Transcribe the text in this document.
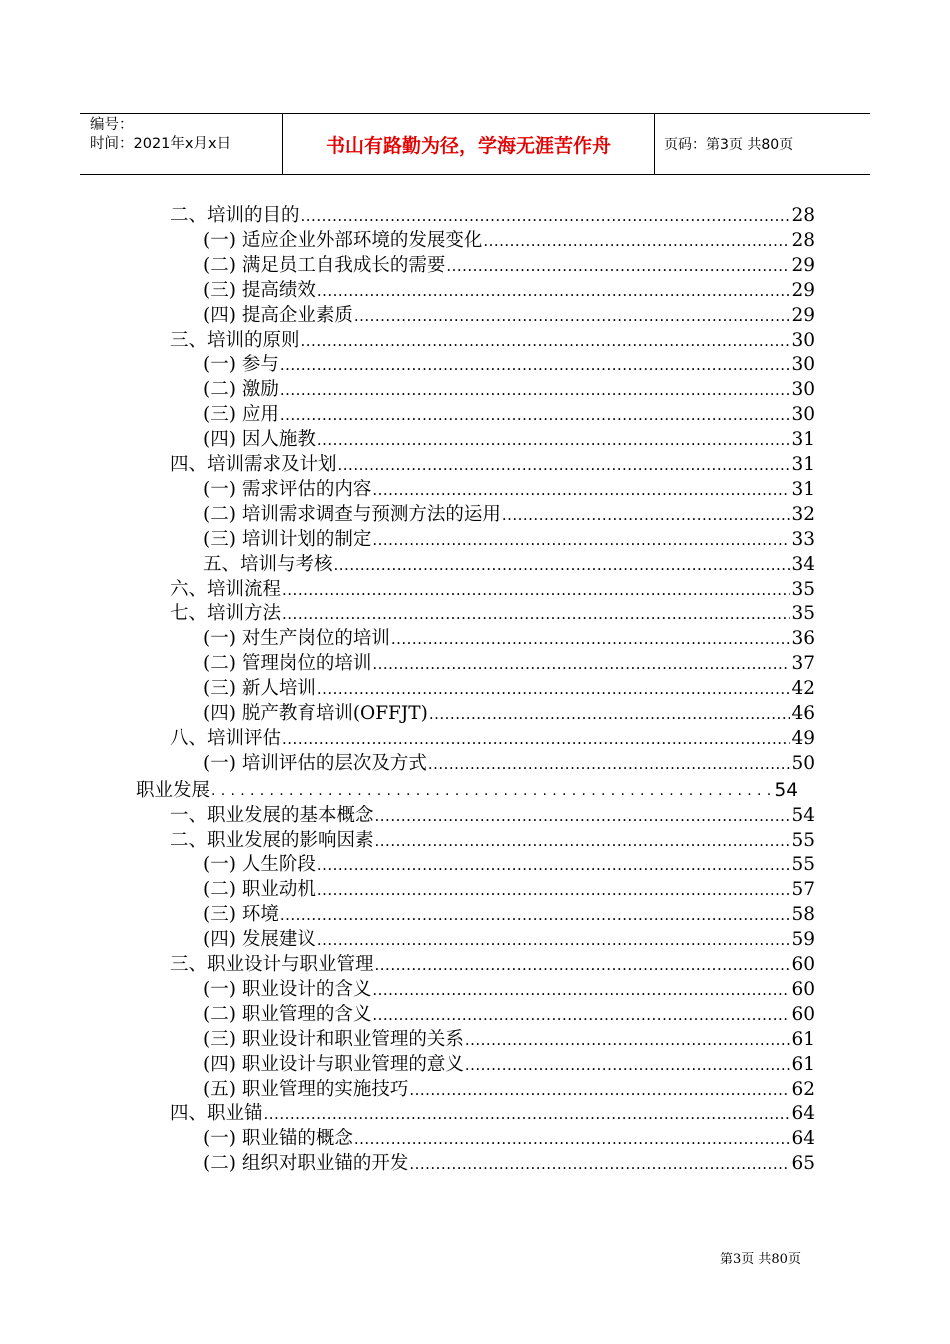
编号：
时间：2021年x月x日	书山有路勤为径，学海无涯苦作舟	页码：第3页 共80页
二、培训的目的 .....	28
(一) 适应企业外部环境的发展变化 .....	28
(二) 满足员工自我成长的需要 .....	29
(三) 提高绩效 .....	29
(四) 提高企业素质 .....	29
三、培训的原则 .....	30
(一) 参与 .....	30
(二) 激励 .....	30
(三) 应用 .....	30
(四) 因人施教 .....	31
四、培训需求及计划 .....	31
(一) 需求评估的内容 .....	31
(二) 培训需求调查与预测方法的运用 .....	32
(三) 培训计划的制定 .....	33
五、培训与考核 .....	34
六、培训流程 .....	35
七、培训方法 .....	35
(一) 对生产岗位的培训 .....	36
(二) 管理岗位的培训 .....	37
(三) 新人培训 .....	42
(四) 脱产教育培训(OFFJT) .....	46
八、培训评估 .....	49
(一) 培训评估的层次及方式 .....	50
职业发展 .....	54
一、职业发展的基本概念 .....	54
二、职业发展的影响因素 .....	55
(一) 人生阶段 .....	55
(二) 职业动机 .....	57
(三) 环境 .....	58
(四) 发展建议 .....	59
三、职业设计与职业管理 .....	60
(一) 职业设计的含义 .....	60
(二) 职业管理的含义 .....	60
(三) 职业设计和职业管理的关系 .....	61
(四) 职业设计与职业管理的意义 .....	61
(五) 职业管理的实施技巧 .....	62
四、职业锚 .....	64
(一) 职业锚的概念 .....	64
(二) 组织对职业锚的开发 .....	65
第3页 共80页
